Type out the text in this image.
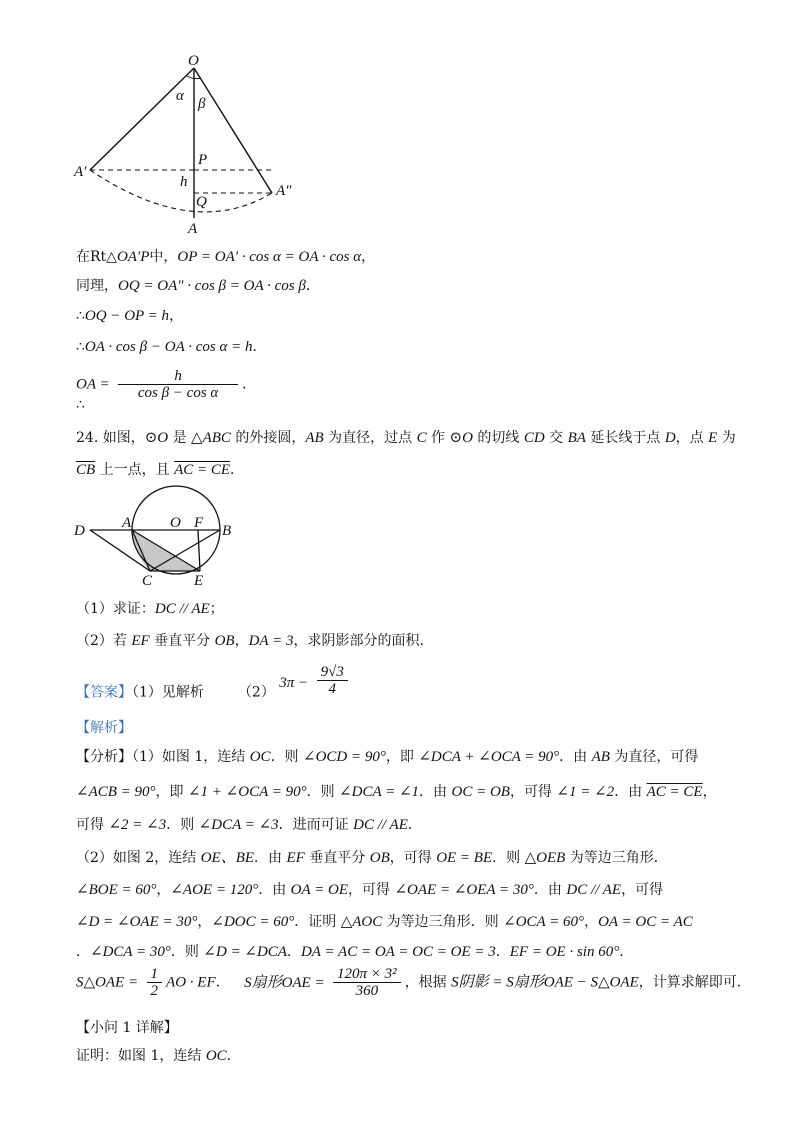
O
α β
A′
P
h
Q
A″
A
在Rt△OA′P中，OP = OA′ · cos α = OA · cos α，
同理，OQ = OA″ · cos β = OA · cos β．
∴OQ − OP = h，
∴OA · cos β − OA · cos α = h．
OA = $\frac{h}{\text{cos β − cos α}}$ ．
∴
24. 如图，⊙O 是 △ABC 的外接圆，AB 为直径，过点 C 作 ⊙O 的切线 CD 交 BA 延长线于点 D，点 E 为
$\overline{CB}$ 上一点，且 AC = CE．
D A	O F B
C	E
（1）求证：DC // AE；
（2）若 EF 垂直平分 OB，DA = 3，求阴影部分的面积．
【答案】（1）见解析 （2） $3\pi - \frac{9√3}{4}$
【解析】
【分析】（1）如图 1，连结 OC．则 ∠OCD = 90°，即 ∠DCA + ∠OCA = 90°．由 AB 为直径，可得
∠ACB = 90°，即 ∠1 + ∠OCA = 90°．则 ∠DCA = ∠1．由 OC = OB，可得 ∠1 = ∠2．由 AC = CE，
可得 ∠2 = ∠3．则 ∠DCA = ∠3．进而可证 DC // AE．
（2）如图 2，连结 OE、BE．由 EF 垂直平分 OB，可得 OE = BE．则 △OEB 为等边三角形．
∠BOE = 60°，∠AOE = 120°．由 OA = OE，可得 ∠OAE = ∠OEA = 30°．由 DC // AE，可得
∠D = ∠OAE = 30°，∠DOC = 60°．证明 △AOC 为等边三角形．则 ∠OCA = 60°，OA = OC = AC
．∠DCA = 30°．则 ∠D = ∠DCA．DA = AC = OA = OC = OE = 3．EF = OE · sin 60°．
S△OAE = $\frac{1}{2}$ AO · EF． S扇形OAE = $\frac{\text{120π × 3²}}{360}$ ，根据 S阴影 = S扇形OAE − S△OAE，计算求解即可．
【小问 1 详解】
证明：如图 1，连结 OC．
